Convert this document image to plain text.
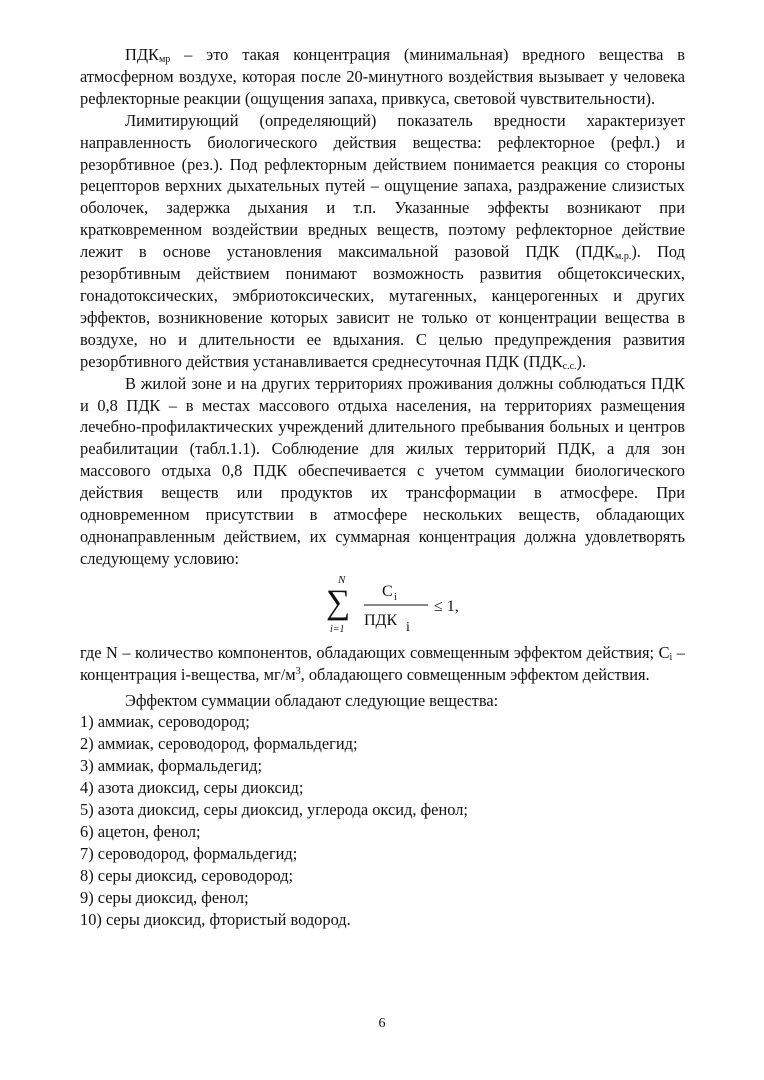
$ПДК_{мр}$ – это такая концентрация (минимальная) вредного вещества в атмосферном воздухе, которая после 20-минутного воздействия вызывает у человека рефлекторные реакции (ощущения запаха, привкуса, световой чувствительности).

Лимитирующий (определяющий) показатель вредности характеризует направленность биологического действия вещества: рефлекторное (рефл.) и резорбтивное (рез.). Под рефлекторным действием понимается реакция со стороны рецепторов верхних дыхательных путей – ощущение запаха, раздражение слизистых оболочек, задержка дыхания и т.п. Указанные эффекты возникают при кратковременном воздействии вредных веществ, поэтому рефлекторное действие лежит в основе установления максимальной разовой ПДК $(ПДК_{м.р.})$. Под резорбтивным действием понимают возможность развития общетоксических, гонадотоксических, эмбриотоксических, мутагенных, канцерогенных и других эффектов, возникновение которых зависит не только от концентрации вещества в воздухе, но и длительности ее вдыхания. С целью предупреждения развития резорбтивного действия устанавливается среднесуточная ПДК $(ПДК_{с.с.})$.

В жилой зоне и на других территориях проживания должны соблюдаться ПДК и 0,8 ПДК – в местах массового отдыха населения, на территориях размещения лечебно-профилактических учреждений длительного пребывания больных и центров реабилитации (табл.1.1). Соблюдение для жилых территорий ПДК, а для зон массового отдыха 0,8 ПДК обеспечивается с учетом суммации биологического действия веществ или продуктов их трансформации в атмосфере. При одновременном присутствии в атмосфере нескольких веществ, обладающих однонаправленным действием, их суммарная концентрация должна удовлетворять следующему условию:

N
∑
i=1
C i
ПДК i
≤ 1,

где N – количество компонентов, обладающих совмещенным эффектом действия; $С_i$ – концентрация i-вещества, $мг/м^3$, обладающего совмещенным эффектом действия.

Эффектом суммации обладают следующие вещества:

1) аммиак, сероводород;
2) аммиак, сероводород, формальдегид;
3) аммиак, формальдегид;
4) азота диоксид, серы диоксид;
5) азота диоксид, серы диоксид, углерода оксид, фенол;
6) ацетон, фенол;
7) сероводород, формальдегид;
8) серы диоксид, сероводород;
9) серы диоксид, фенол;
10) серы диоксид, фтористый водород.
6
